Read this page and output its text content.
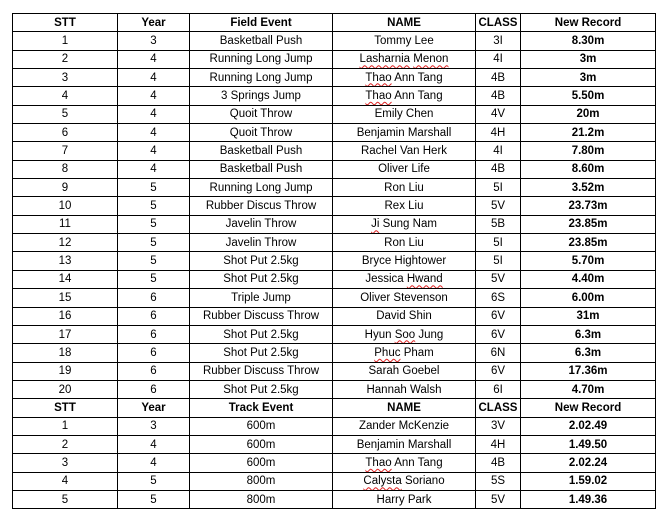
STT	Year	Field Event	NAME	CLASS	New Record
1	3	Basketball Push	Tommy Lee	3I	8.30m
2	4	Running Long Jump	Lasharnia Menon	4I	3m
3	4	Running Long Jump	Thao Ann Tang	4B	3m
4	4	3 Springs Jump	Thao Ann Tang	4B	5.50m
5	4	Quoit Throw	Emily Chen	4V	20m
6	4	Quoit Throw	Benjamin Marshall	4H	21.2m
7	4	Basketball Push	Rachel Van Herk	4I	7.80m
8	4	Basketball Push	Oliver Life	4B	8.60m
9	5	Running Long Jump	Ron Liu	5I	3.52m
10	5	Rubber Discus Throw	Rex Liu	5V	23.73m
11	5	Javelin Throw	Ji Sung Nam	5B	23.85m
12	5	Javelin Throw	Ron Liu	5I	23.85m
13	5	Shot Put 2.5kg	Bryce Hightower	5I	5.70m
14	5	Shot Put 2.5kg	Jessica Hwand	5V	4.40m
15	6	Triple Jump	Oliver Stevenson	6S	6.00m
16	6	Rubber Discuss Throw	David Shin	6V	31m
17	6	Shot Put 2.5kg	Hyun Soo Jung	6V	6.3m
18	6	Shot Put 2.5kg	Phuc Pham	6N	6.3m
19	6	Rubber Discuss Throw	Sarah Goebel	6V	17.36m
20	6	Shot Put 2.5kg	Hannah Walsh	6I	4.70m
STT	Year	Track Event	NAME	CLASS	New Record
1	3	600m	Zander McKenzie	3V	2.02.49
2	4	600m	Benjamin Marshall	4H	1.49.50
3	4	600m	Thao Ann Tang	4B	2.02.24
4	5	800m	Calysta Soriano	5S	1.59.02
5	5	800m	Harry Park	5V	1.49.36
